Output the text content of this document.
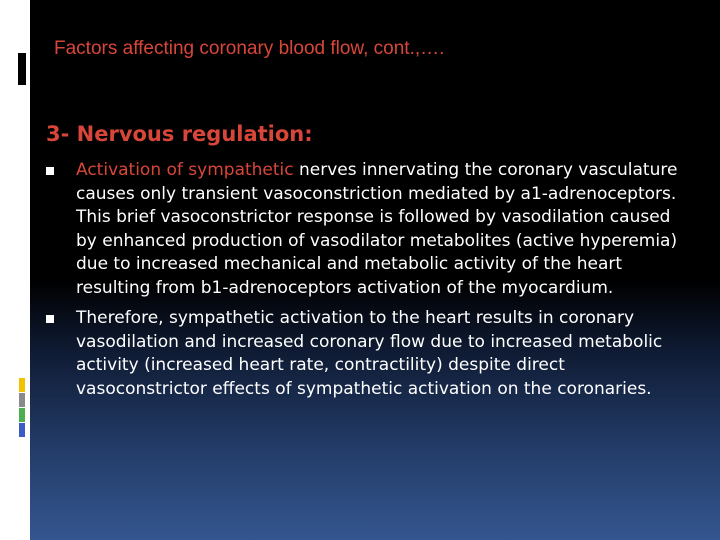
Factors affecting coronary blood flow, cont.,….
3- Nervous regulation:
Activation of sympathetic nerves innervating the coronary vasculature causes only transient vasoconstriction mediated by a1-adrenoceptors. This brief vasoconstrictor response is followed by vasodilation caused by enhanced production of vasodilator metabolites (active hyperemia) due to increased mechanical and metabolic activity of the heart resulting from b1-adrenoceptors activation of the myocardium.
Therefore, sympathetic activation to the heart results in coronary vasodilation and increased coronary flow due to increased metabolic activity (increased heart rate, contractility) despite direct vasoconstrictor effects of sympathetic activation on the coronaries.
